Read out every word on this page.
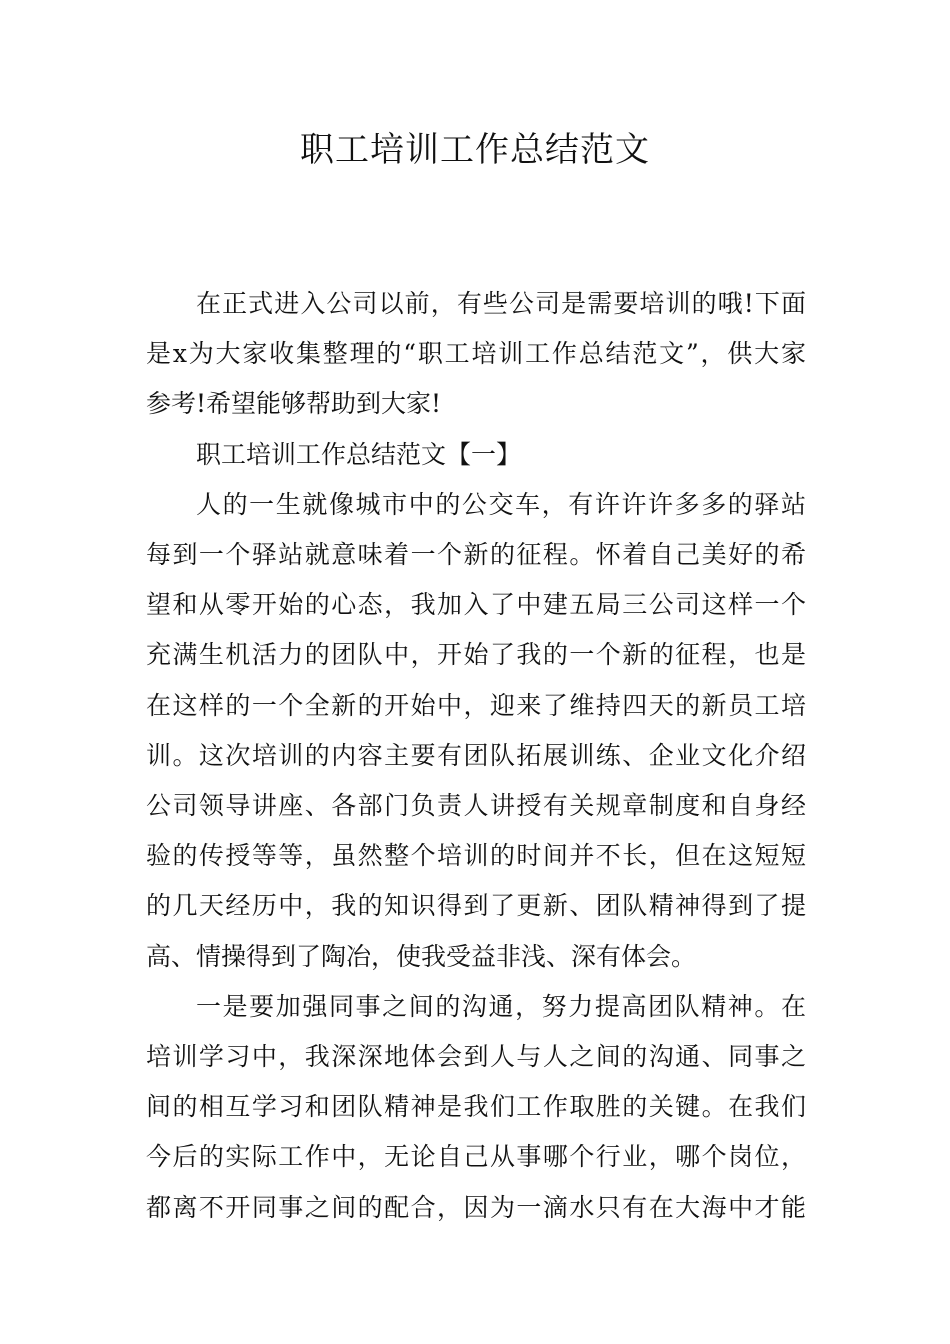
职工培训工作总结范文

在正式进入公司以前，有些公司是需要培训的哦!下面
是x为大家收集整理的“职工培训工作总结范文”，供大家
参考!希望能够帮助到大家!

职工培训工作总结范文【一】

人的一生就像城市中的公交车，有许许许多多的驿站
每到一个驿站就意味着一个新的征程。怀着自己美好的希
望和从零开始的心态，我加入了中建五局三公司这样一个
充满生机活力的团队中，开始了我的一个新的征程，也是
在这样的一个全新的开始中，迎来了维持四天的新员工培
训。这次培训的内容主要有团队拓展训练、企业文化介绍
公司领导讲座、各部门负责人讲授有关规章制度和自身经
验的传授等等，虽然整个培训的时间并不长，但在这短短
的几天经历中，我的知识得到了更新、团队精神得到了提
高、情操得到了陶冶，使我受益非浅、深有体会。

一是要加强同事之间的沟通，努力提高团队精神。在
培训学习中，我深深地体会到人与人之间的沟通、同事之
间的相互学习和团队精神是我们工作取胜的关键。在我们
今后的实际工作中，无论自己从事哪个行业，哪个岗位，
都离不开同事之间的配合，因为一滴水只有在大海中才能
